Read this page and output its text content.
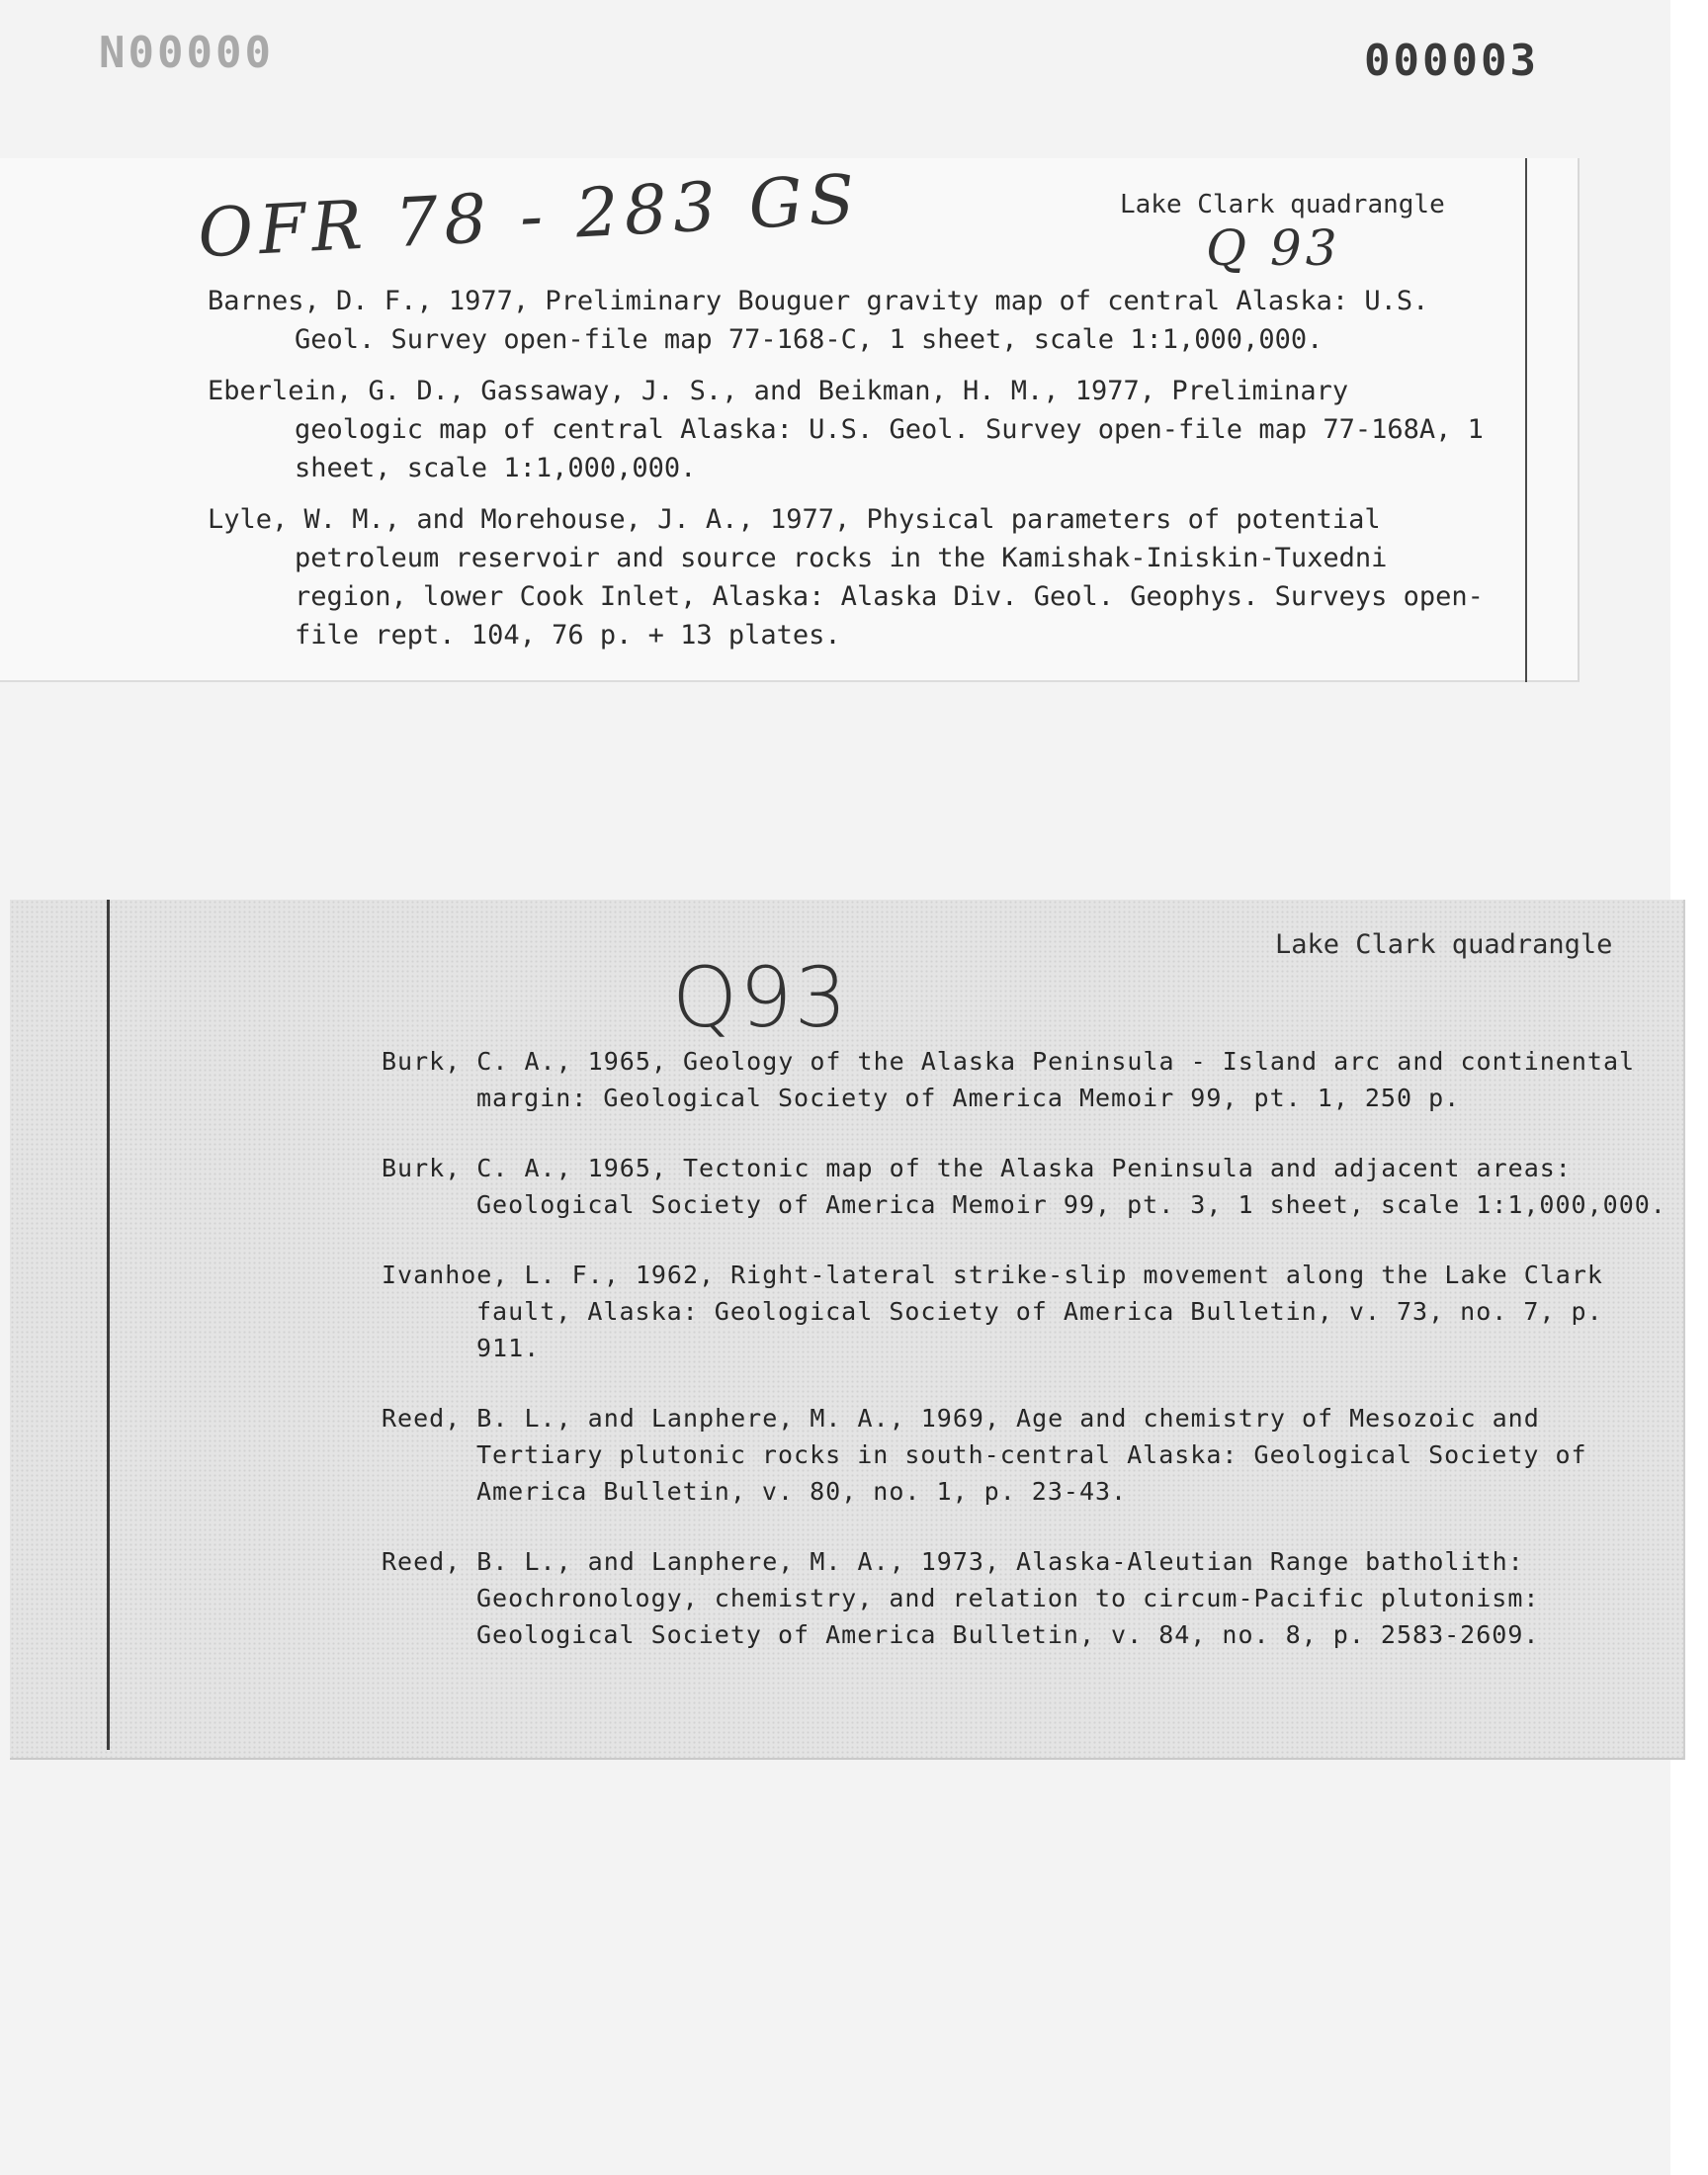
N00000	000003
OFR 78 - 283 GS	Lake Clark quadrangle
Q 93
Barnes, D. F., 1977, Preliminary Bouguer gravity map of central Alaska: U.S. Geol. Survey open-file map 77-168-C, 1 sheet, scale 1:1,000,000.
Eberlein, G. D., Gassaway, J. S., and Beikman, H. M., 1977, Preliminary geologic map of central Alaska: U.S. Geol. Survey open-file map 77-168A, 1 sheet, scale 1:1,000,000.
Lyle, W. M., and Morehouse, J. A., 1977, Physical parameters of potential petroleum reservoir and source rocks in the Kamishak-Iniskin-Tuxedni region, lower Cook Inlet, Alaska: Alaska Div. Geol. Geophys. Surveys open-file rept. 104, 76 p. + 13 plates.
Q93
Lake Clark quadrangle
Burk, C. A., 1965, Geology of the Alaska Peninsula - Island arc and continental margin: Geological Society of America Memoir 99, pt. 1, 250 p.
Burk, C. A., 1965, Tectonic map of the Alaska Peninsula and adjacent areas: Geological Society of America Memoir 99, pt. 3, 1 sheet, scale 1:1,000,000.
Ivanhoe, L. F., 1962, Right-lateral strike-slip movement along the Lake Clark fault, Alaska: Geological Society of America Bulletin, v. 73, no. 7, p. 911.
Reed, B. L., and Lanphere, M. A., 1969, Age and chemistry of Mesozoic and Tertiary plutonic rocks in south-central Alaska: Geological Society of America Bulletin, v. 80, no. 1, p. 23-43.
Reed, B. L., and Lanphere, M. A., 1973, Alaska-Aleutian Range batholith: Geochronology, chemistry, and relation to circum-Pacific plutonism: Geological Society of America Bulletin, v. 84, no. 8, p. 2583-2609.
